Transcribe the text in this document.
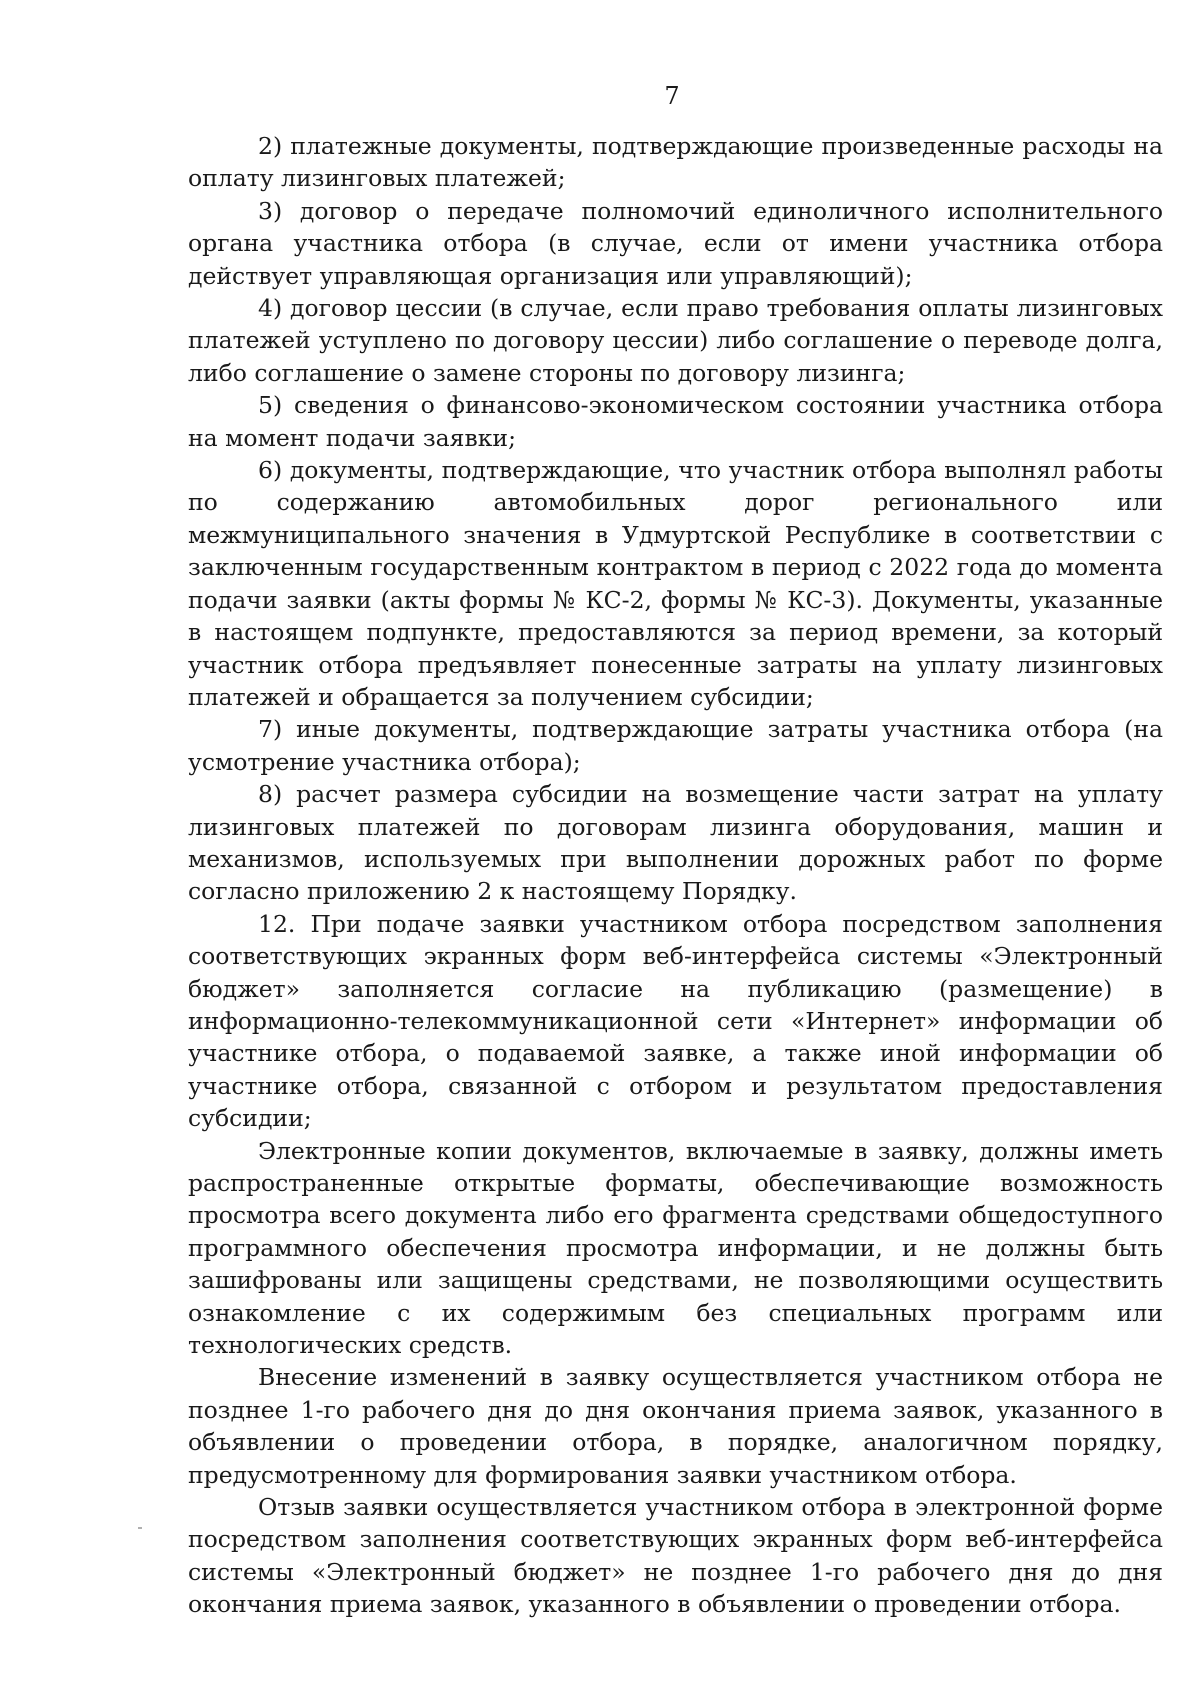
7

2) платежные документы, подтверждающие произведенные расходы на оплату лизинговых платежей;

3) договор о передаче полномочий единоличного исполнительного органа участника отбора (в случае, если от имени участника отбора действует управляющая организация или управляющий);

4) договор цессии (в случае, если право требования оплаты лизинговых платежей уступлено по договору цессии) либо соглашение о переводе долга, либо соглашение о замене стороны по договору лизинга;

5) сведения о финансово-экономическом состоянии участника отбора на момент подачи заявки;

6) документы, подтверждающие, что участник отбора выполнял работы по содержанию автомобильных дорог регионального или межмуниципального значения в Удмуртской Республике в соответствии с заключенным государственным контрактом в период с 2022 года до момента подачи заявки (акты формы № КС-2, формы № КС-3). Документы, указанные в настоящем подпункте, предоставляются за период времени, за который участник отбора предъявляет понесенные затраты на уплату лизинговых платежей и обращается за получением субсидии;

7) иные документы, подтверждающие затраты участника отбора (на усмотрение участника отбора);

8) расчет размера субсидии на возмещение части затрат на уплату лизинговых платежей по договорам лизинга оборудования, машин и механизмов, используемых при выполнении дорожных работ по форме согласно приложению 2 к настоящему Порядку.

12. При подаче заявки участником отбора посредством заполнения соответствующих экранных форм веб-интерфейса системы «Электронный бюджет» заполняется согласие на публикацию (размещение) в информационно-телекоммуникационной сети «Интернет» информации об участнике отбора, о подаваемой заявке, а также иной информации об участнике отбора, связанной с отбором и результатом предоставления субсидии;

Электронные копии документов, включаемые в заявку, должны иметь распространенные открытые форматы, обеспечивающие возможность просмотра всего документа либо его фрагмента средствами общедоступного программного обеспечения просмотра информации, и не должны быть зашифрованы или защищены средствами, не позволяющими осуществить ознакомление с их содержимым без специальных программ или технологических средств.

Внесение изменений в заявку осуществляется участником отбора не позднее 1-го рабочего дня до дня окончания приема заявок, указанного в объявлении о проведении отбора, в порядке, аналогичном порядку, предусмотренному для формирования заявки участником отбора.

Отзыв заявки осуществляется участником отбора в электронной форме посредством заполнения соответствующих экранных форм веб-интерфейса системы «Электронный бюджет» не позднее 1-го рабочего дня до дня окончания приема заявок, указанного в объявлении о проведении отбора.
